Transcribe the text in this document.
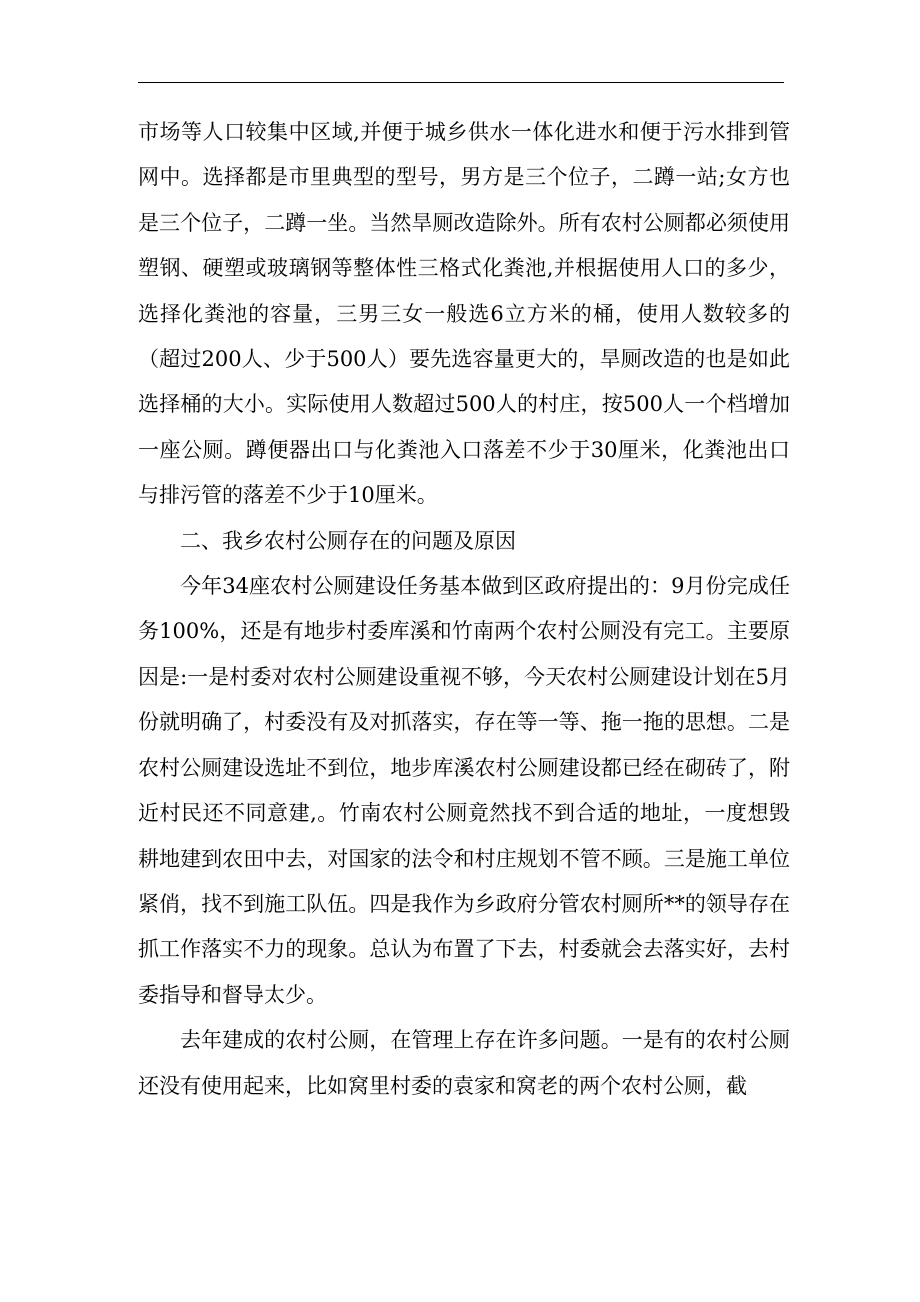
市场等人口较集中区域,并便于城乡供水一体化进水和便于污水排到管网中。选择都是市里典型的型号，男方是三个位子，二蹲一站;女方也是三个位子，二蹲一坐。当然旱厕改造除外。所有农村公厕都必须使用塑钢、硬塑或玻璃钢等整体性三格式化粪池,并根据使用人口的多少，选择化粪池的容量，三男三女一般选6立方米的桶，使用人数较多的（超过200人、少于500人）要先选容量更大的，旱厕改造的也是如此选择桶的大小。实际使用人数超过500人的村庄，按500人一个档增加一座公厕。蹲便器出口与化粪池入口落差不少于30厘米，化粪池出口与排污管的落差不少于10厘米。

二、我乡农村公厕存在的问题及原因

今年34座农村公厕建设任务基本做到区政府提出的：9月份完成任务100%，还是有地步村委库溪和竹南两个农村公厕没有完工。主要原因是:一是村委对农村公厕建设重视不够，今天农村公厕建设计划在5月份就明确了，村委没有及对抓落实，存在等一等、拖一拖的思想。二是农村公厕建设选址不到位，地步库溪农村公厕建设都已经在砌砖了，附近村民还不同意建,。竹南农村公厕竟然找不到合适的地址，一度想毁耕地建到农田中去，对国家的法令和村庄规划不管不顾。三是施工单位紧俏，找不到施工队伍。四是我作为乡政府分管农村厕所**的领导存在抓工作落实不力的现象。总认为布置了下去，村委就会去落实好，去村委指导和督导太少。

去年建成的农村公厕，在管理上存在许多问题。一是有的农村公厕还没有使用起来，比如窝里村委的袁家和窝老的两个农村公厕，截
